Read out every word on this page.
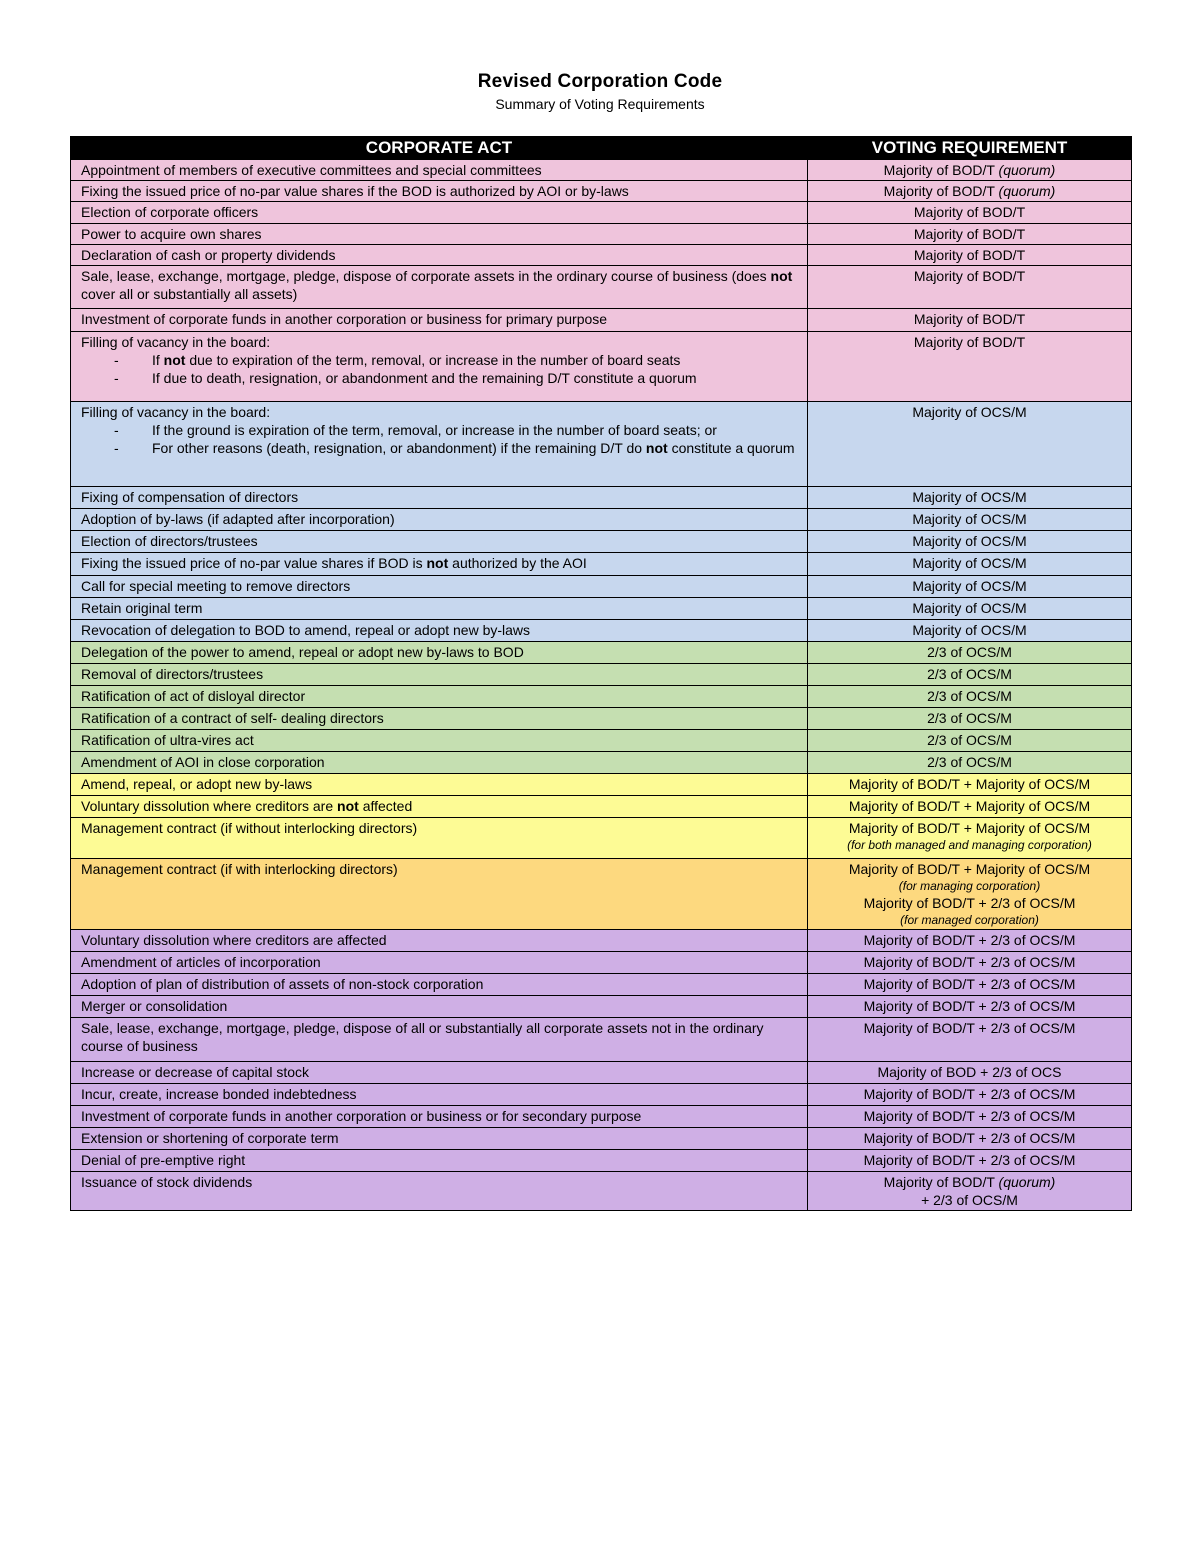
Revised Corporation Code
Summary of Voting Requirements
CORPORATE ACT	VOTING REQUIREMENT
Appointment of members of executive committees and special committees	Majority of BOD/T (quorum)

Fixing the issued price of no-par value shares if the BOD is authorized by AOI or by-laws	Majority of BOD/T (quorum)

Election of corporate officers	Majority of BOD/T

Power to acquire own shares	Majority of BOD/T

Declaration of cash or property dividends	Majority of BOD/T

Sale, lease, exchange, mortgage, pledge, dispose of corporate assets in the ordinary course of business (does not cover all or substantially all assets)	Majority of BOD/T

Investment of corporate funds in another corporation or business for primary purpose	Majority of BOD/T

Filling of vacancy in the board:
- If not due to expiration of the term, removal, or increase in the number of board seats
- If due to death, resignation, or abandonment and the remaining D/T constitute a quorum	Majority of BOD/T

Filling of vacancy in the board:
- If the ground is expiration of the term, removal, or increase in the number of board seats; or
- For other reasons (death, resignation, or abandonment) if the remaining D/T do not constitute a quorum	Majority of OCS/M

Fixing of compensation of directors	Majority of OCS/M

Adoption of by-laws (if adapted after incorporation)	Majority of OCS/M

Election of directors/trustees	Majority of OCS/M

Fixing the issued price of no-par value shares if BOD is not authorized by the AOI	Majority of OCS/M

Call for special meeting to remove directors	Majority of OCS/M

Retain original term	Majority of OCS/M

Revocation of delegation to BOD to amend, repeal or adopt new by-laws	Majority of OCS/M

Delegation of the power to amend, repeal or adopt new by-laws to BOD	2/3 of OCS/M

Removal of directors/trustees	2/3 of OCS/M

Ratification of act of disloyal director	2/3 of OCS/M

Ratification of a contract of self- dealing directors	2/3 of OCS/M

Ratification of ultra-vires act	2/3 of OCS/M

Amendment of AOI in close corporation	2/3 of OCS/M

Amend, repeal, or adopt new by-laws	Majority of BOD/T + Majority of OCS/M

Voluntary dissolution where creditors are not affected	Majority of BOD/T + Majority of OCS/M

Management contract (if without interlocking directors)	Majority of BOD/T + Majority of OCS/M
(for both managed and managing corporation)

Management contract (if with interlocking directors)	Majority of BOD/T + Majority of OCS/M
(for managing corporation)
Majority of BOD/T + 2/3 of OCS/M
(for managed corporation)

Voluntary dissolution where creditors are affected	Majority of BOD/T + 2/3 of OCS/M

Amendment of articles of incorporation	Majority of BOD/T + 2/3 of OCS/M

Adoption of plan of distribution of assets of non-stock corporation	Majority of BOD/T + 2/3 of OCS/M

Merger or consolidation	Majority of BOD/T + 2/3 of OCS/M

Sale, lease, exchange, mortgage, pledge, dispose of all or substantially all corporate assets not in the ordinary course of business	Majority of BOD/T + 2/3 of OCS/M

Increase or decrease of capital stock	Majority of BOD + 2/3 of OCS

Incur, create, increase bonded indebtedness	Majority of BOD/T + 2/3 of OCS/M

Investment of corporate funds in another corporation or business or for secondary purpose	Majority of BOD/T + 2/3 of OCS/M

Extension or shortening of corporate term	Majority of BOD/T + 2/3 of OCS/M

Denial of pre-emptive right	Majority of BOD/T + 2/3 of OCS/M

Issuance of stock dividends	Majority of BOD/T (quorum)
+ 2/3 of OCS/M
